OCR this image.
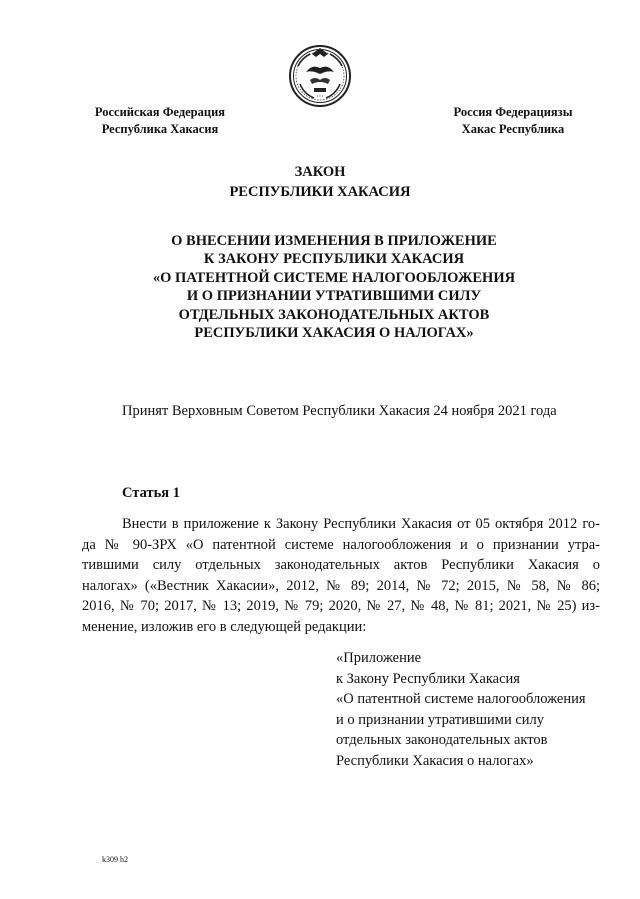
• • •
Российская Федерация
Республика Хакасия
Россия Федерациязы
Хакас Республика
ЗАКОН
РЕСПУБЛИКИ ХАКАСИЯ
О ВНЕСЕНИИ ИЗМЕНЕНИЯ В ПРИЛОЖЕНИЕ
К ЗАКОНУ РЕСПУБЛИКИ ХАКАСИЯ
«О ПАТЕНТНОЙ СИСТЕМЕ НАЛОГООБЛОЖЕНИЯ
И О ПРИЗНАНИИ УТРАТИВШИМИ СИЛУ
ОТДЕЛЬНЫХ ЗАКОНОДАТЕЛЬНЫХ АКТОВ
РЕСПУБЛИКИ ХАКАСИЯ О НАЛОГАХ»
Принят Верховным Советом Республики Хакасия 24 ноября 2021 года
Статья 1
Внести в приложение к Закону Республики Хакасия от 05 октября 2012 го-
да № 90-ЗРХ «О патентной системе налогообложения и о признании утра-
тившими силу отдельных законодательных актов Республики Хакасия о
налогах» («Вестник Хакасии», 2012, № 89; 2014, № 72; 2015, № 58, № 86;
2016, № 70; 2017, № 13; 2019, № 79; 2020, № 27, № 48, № 81; 2021, № 25) из-
менение, изложив его в следующей редакции:
«Приложение
к Закону Республики Хакасия
«О патентной системе налогообложения
и о признании утратившими силу
отдельных законодательных актов
Республики Хакасия о налогах»
k309 h2
